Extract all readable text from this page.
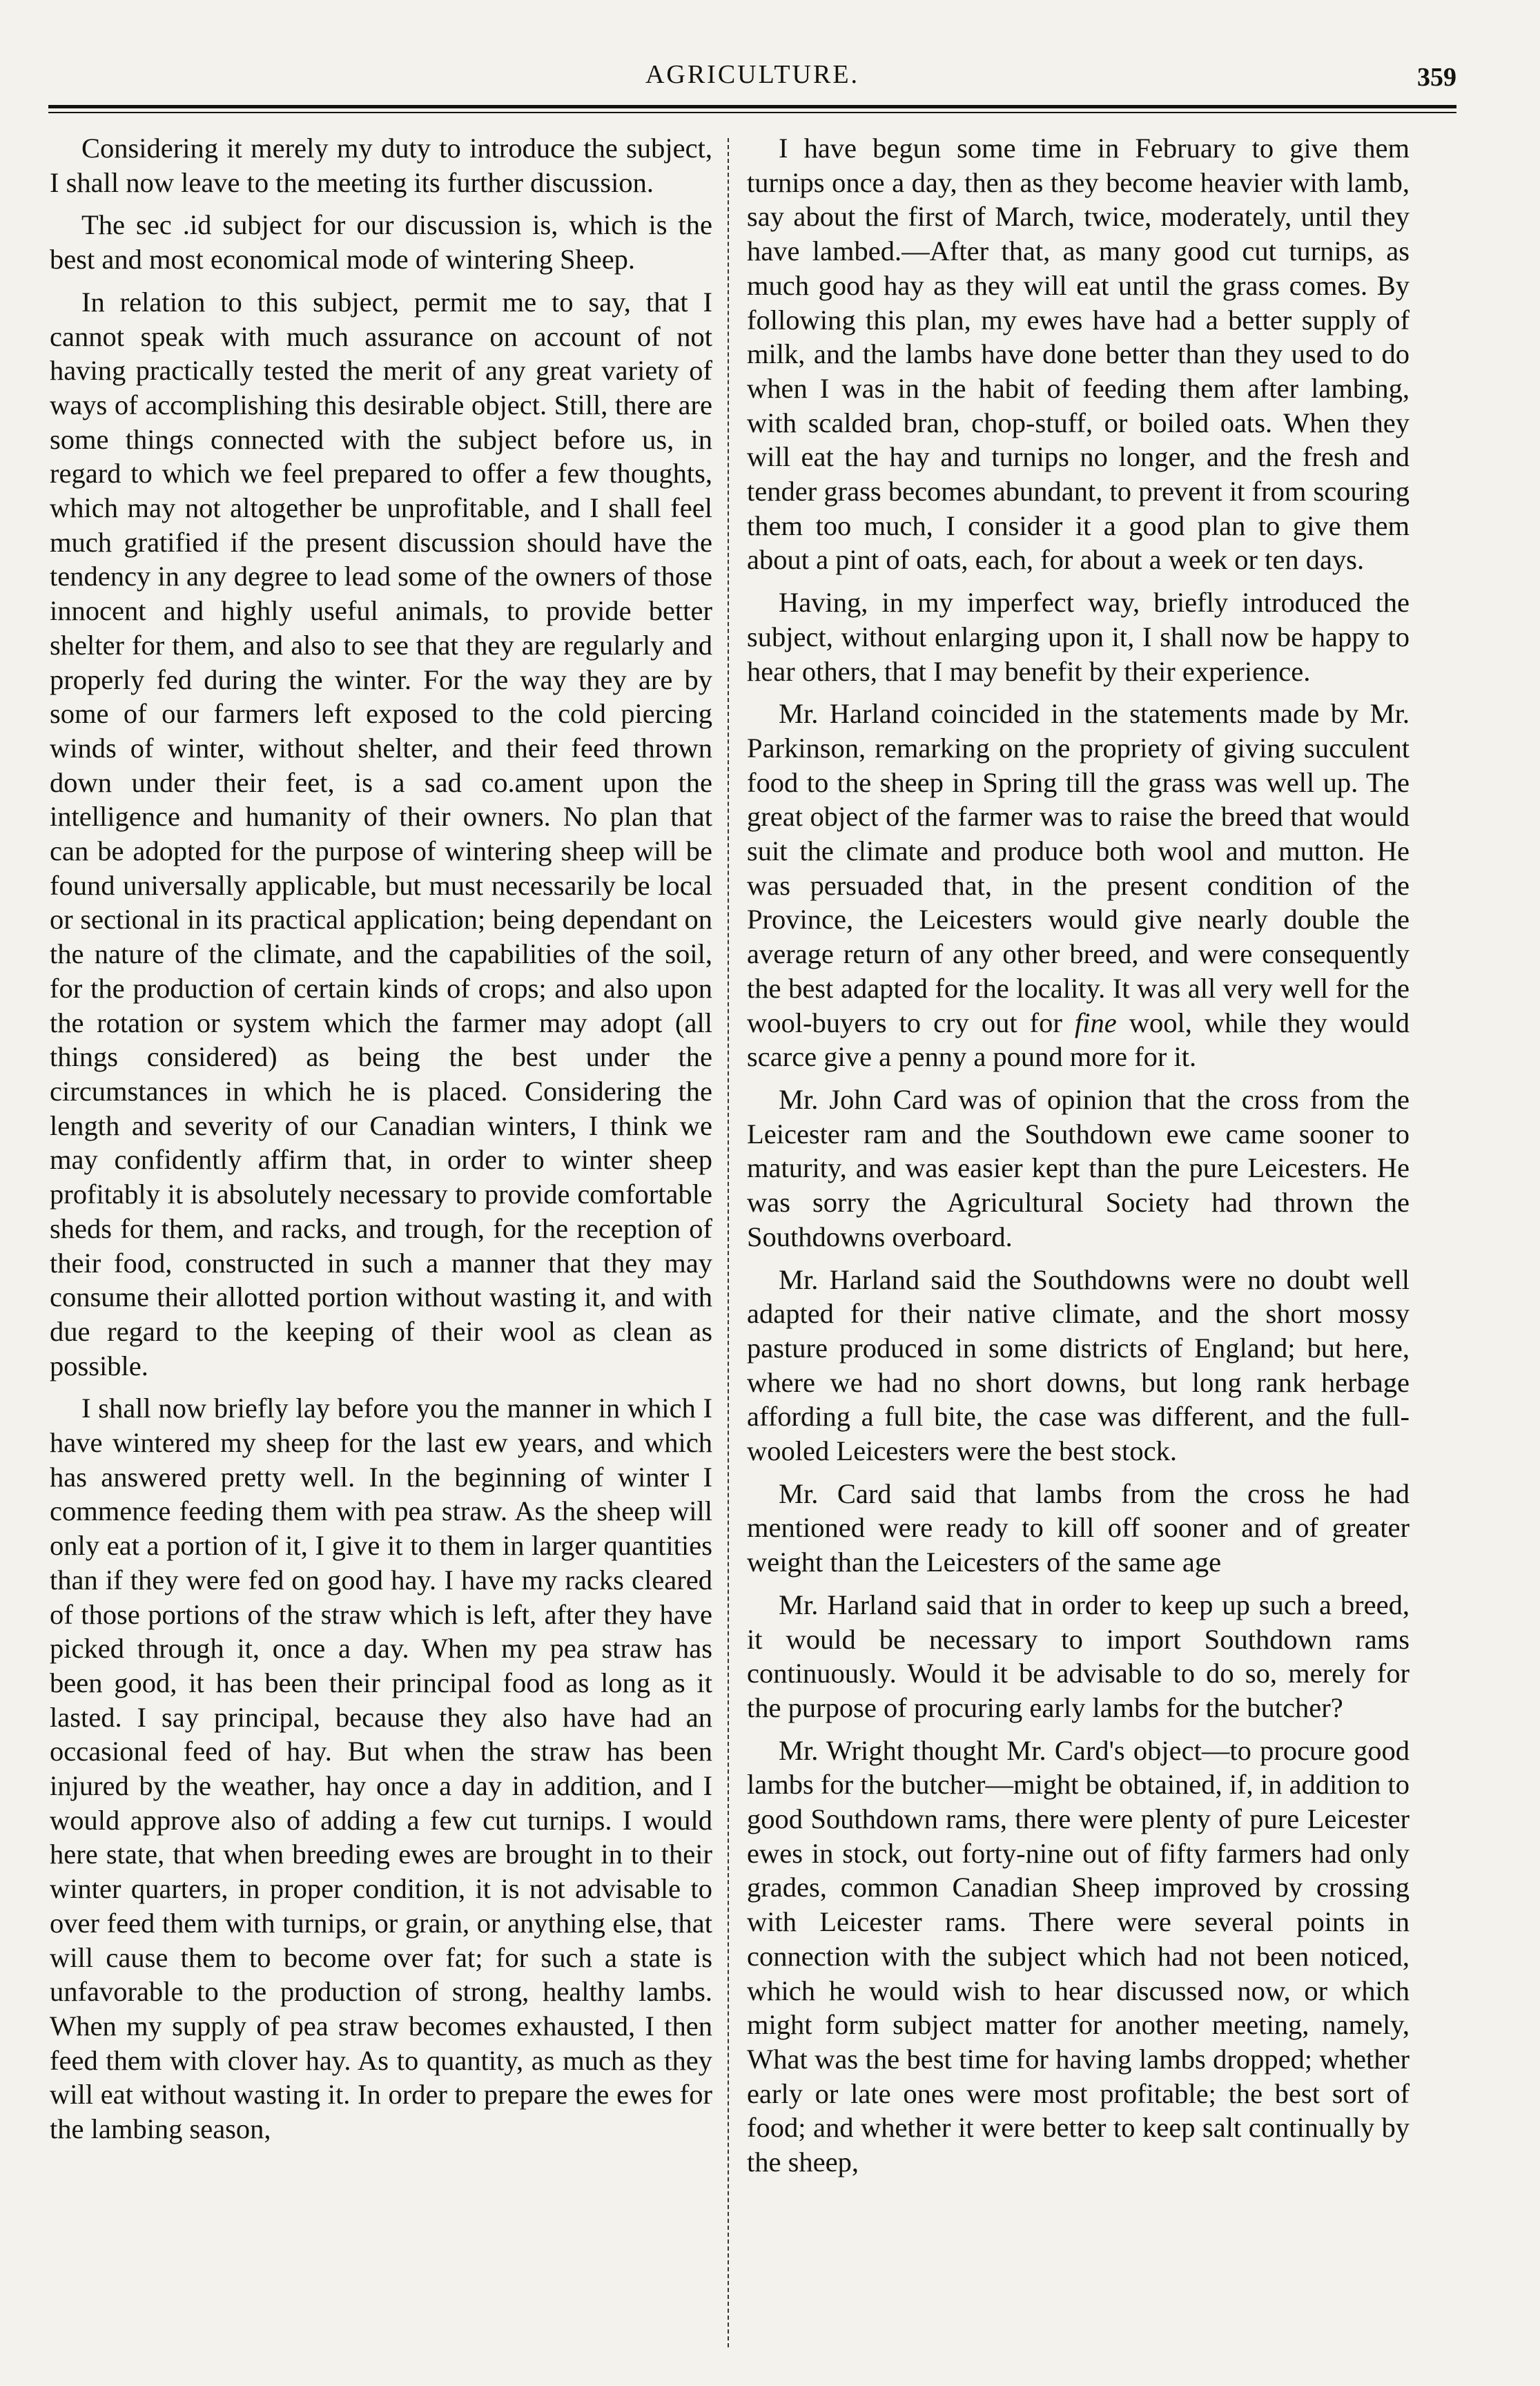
AGRICULTURE.	359

Considering it merely my duty to introduce the subject, I shall now leave to the meeting its further discussion.

The sec .id subject for our discussion is, which is the best and most economical mode of wintering Sheep.

In relation to this subject, permit me to say, that I cannot speak with much assurance on account of not having practically tested the merit of any great variety of ways of accomplishing this desirable object. Still, there are some things connected with the subject before us, in regard to which we feel prepared to offer a few thoughts, which may not altogether be unprofitable, and I shall feel much gratified if the present discussion should have the tendency in any degree to lead some of the owners of those innocent and highly useful animals, to provide better shelter for them, and also to see that they are regularly and properly fed during the winter. For the way they are by some of our farmers left exposed to the cold piercing winds of winter, without shelter, and their feed thrown down under their feet, is a sad co.ament upon the intelligence and humanity of their owners. No plan that can be adopted for the purpose of wintering sheep will be found universally applicable, but must necessarily be local or sectional in its practical application; being dependant on the nature of the climate, and the capabilities of the soil, for the production of certain kinds of crops; and also upon the rotation or system which the farmer may adopt (all things considered) as being the best under the circumstances in which he is placed. Considering the length and severity of our Canadian winters, I think we may confidently affirm that, in order to winter sheep profitably it is absolutely necessary to provide comfortable sheds for them, and racks, and trough, for the reception of their food, constructed in such a manner that they may consume their allotted portion without wasting it, and with due regard to the keeping of their wool as clean as possible.

I shall now briefly lay before you the manner in which I have wintered my sheep for the last ew years, and which has answered pretty well. In the beginning of winter I commence feeding them with pea straw. As the sheep will only eat a portion of it, I give it to them in larger quantities than if they were fed on good hay. I have my racks cleared of those portions of the straw which is left, after they have picked through it, once a day. When my pea straw has been good, it has been their principal food as long as it lasted. I say principal, because they also have had an occasional feed of hay. But when the straw has been injured by the weather, hay once a day in addition, and I would approve also of adding a few cut turnips. I would here state, that when breeding ewes are brought in to their winter quarters, in proper condition, it is not advisable to over feed them with turnips, or grain, or anything else, that will cause them to become over fat; for such a state is unfavorable to the production of strong, healthy lambs. When my supply of pea straw becomes exhausted, I then feed them with clover hay. As to quantity, as much as they will eat without wasting it. In order to prepare the ewes for the lambing season,

I have begun some time in February to give them turnips once a day, then as they become heavier with lamb, say about the first of March, twice, moderately, until they have lambed.—After that, as many good cut turnips, as much good hay as they will eat until the grass comes. By following this plan, my ewes have had a better supply of milk, and the lambs have done better than they used to do when I was in the habit of feeding them after lambing, with scalded bran, chop-stuff, or boiled oats. When they will eat the hay and turnips no longer, and the fresh and tender grass becomes abundant, to prevent it from scouring them too much, I consider it a good plan to give them about a pint of oats, each, for about a week or ten days.

Having, in my imperfect way, briefly introduced the subject, without enlarging upon it, I shall now be happy to hear others, that I may benefit by their experience.

Mr. Harland coincided in the statements made by Mr. Parkinson, remarking on the propriety of giving succulent food to the sheep in Spring till the grass was well up. The great object of the farmer was to raise the breed that would suit the climate and produce both wool and mutton. He was persuaded that, in the present condition of the Province, the Leicesters would give nearly double the average return of any other breed, and were consequently the best adapted for the locality. It was all very well for the wool-buyers to cry out for fine wool, while they would scarce give a penny a pound more for it.

Mr. John Card was of opinion that the cross from the Leicester ram and the Southdown ewe came sooner to maturity, and was easier kept than the pure Leicesters. He was sorry the Agricultural Society had thrown the Southdowns overboard.

Mr. Harland said the Southdowns were no doubt well adapted for their native climate, and the short mossy pasture produced in some districts of England; but here, where we had no short downs, but long rank herbage affording a full bite, the case was different, and the full-wooled Leicesters were the best stock.

Mr. Card said that lambs from the cross he had mentioned were ready to kill off sooner and of greater weight than the Leicesters of the same age

Mr. Harland said that in order to keep up such a breed, it would be necessary to import Southdown rams continuously. Would it be advisable to do so, merely for the purpose of procuring early lambs for the butcher?

Mr. Wright thought Mr. Card's object—to procure good lambs for the butcher—might be obtained, if, in addition to good Southdown rams, there were plenty of pure Leicester ewes in stock, out forty-nine out of fifty farmers had only grades, common Canadian Sheep improved by crossing with Leicester rams. There were several points in connection with the subject which had not been noticed, which he would wish to hear discussed now, or which might form subject matter for another meeting, namely, What was the best time for having lambs dropped; whether early or late ones were most profitable; the best sort of food; and whether it were better to keep salt continually by the sheep,
